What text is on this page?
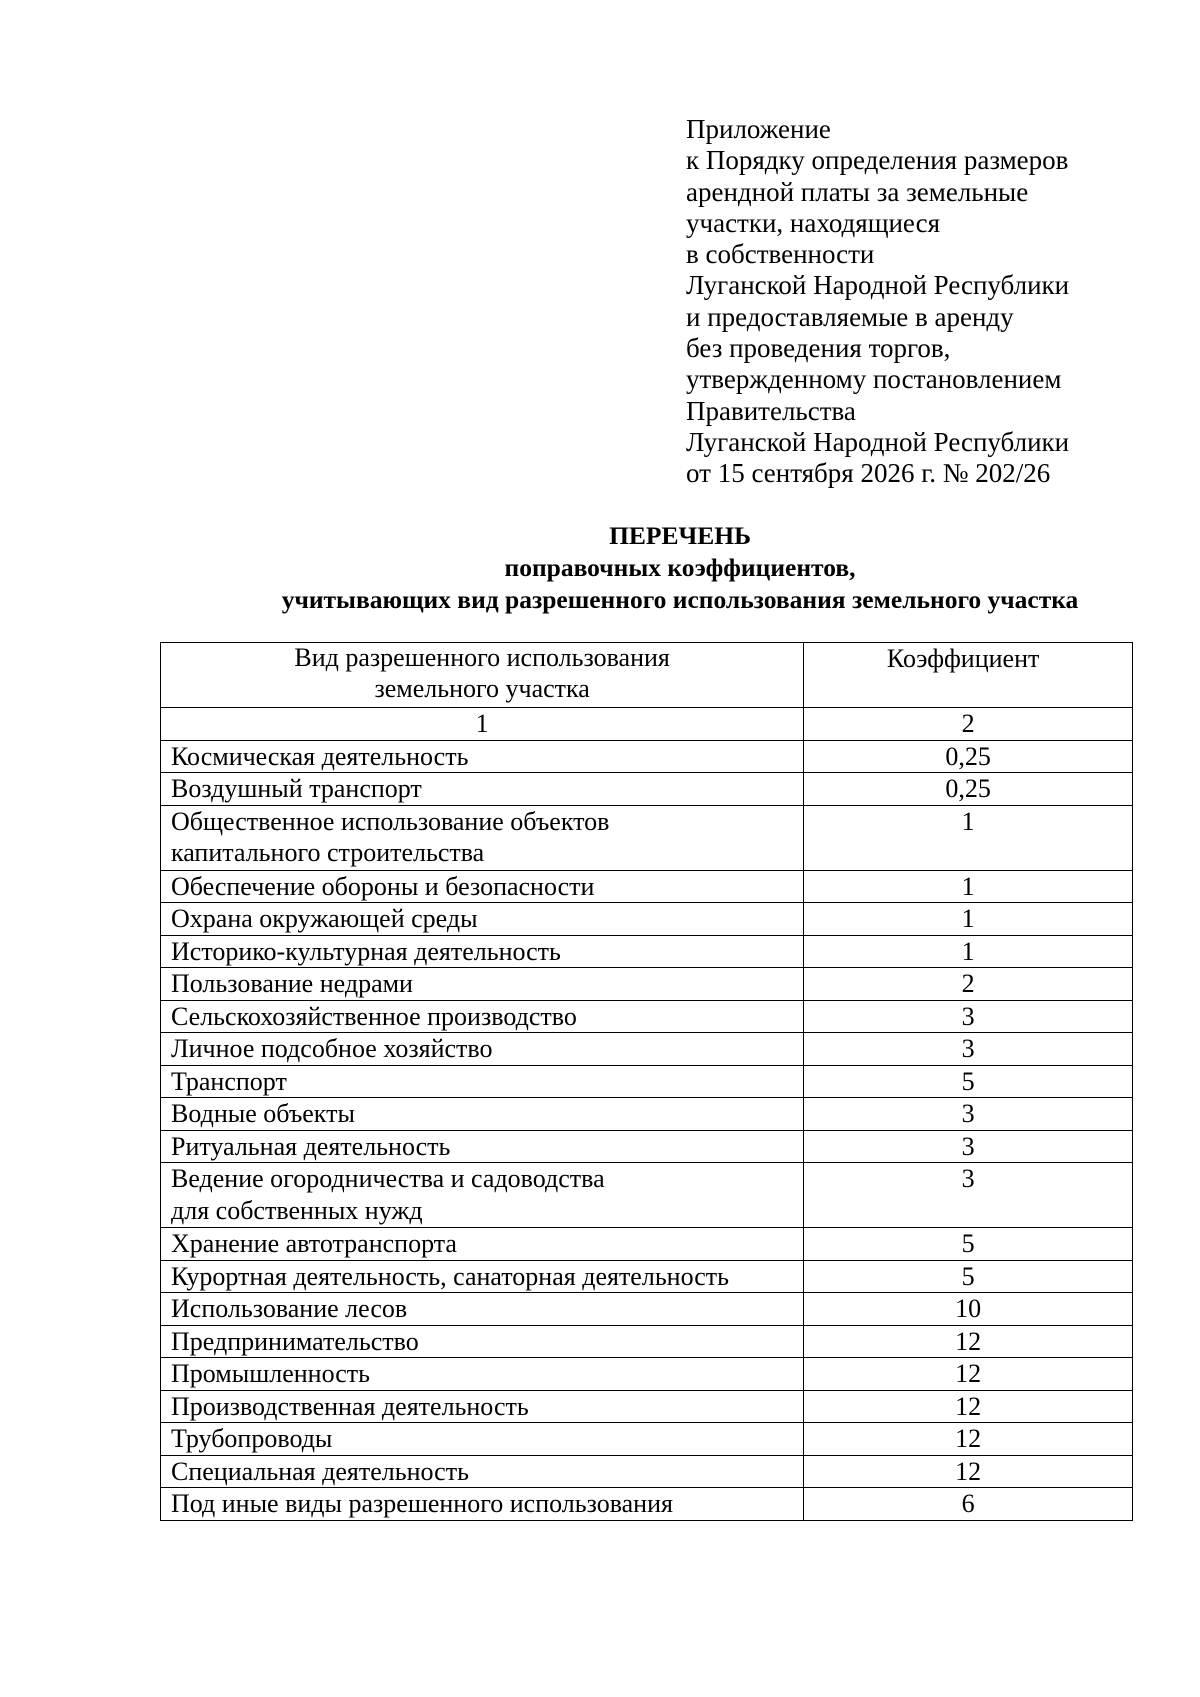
Приложение
к Порядку определения размеров
арендной платы за земельные
участки, находящиеся
в собственности
Луганской Народной Республики
и предоставляемые в аренду
без проведения торгов,
утвержденному постановлением
Правительства
Луганской Народной Республики
от 15 сентября 2026 г. № 202/26
ПЕРЕЧЕНЬ
поправочных коэффициентов,
учитывающих вид разрешенного использования земельного участка
Вид разрешенного использования
земельного участка	Коэффициент
1	2
Космическая деятельность	0,25
Воздушный транспорт	0,25
Общественное использование объектов
капитального строительства	1
Обеспечение обороны и безопасности	1
Охрана окружающей среды	1
Историко-культурная деятельность	1
Пользование недрами	2
Сельскохозяйственное производство	3
Личное подсобное хозяйство	3
Транспорт	5
Водные объекты	3
Ритуальная деятельность	3
Ведение огородничества и садоводства
для собственных нужд	3
Хранение автотранспорта	5
Курортная деятельность, санаторная деятельность	5
Использование лесов	10
Предпринимательство	12
Промышленность	12
Производственная деятельность	12
Трубопроводы	12
Специальная деятельность	12
Под иные виды разрешенного использования	6
